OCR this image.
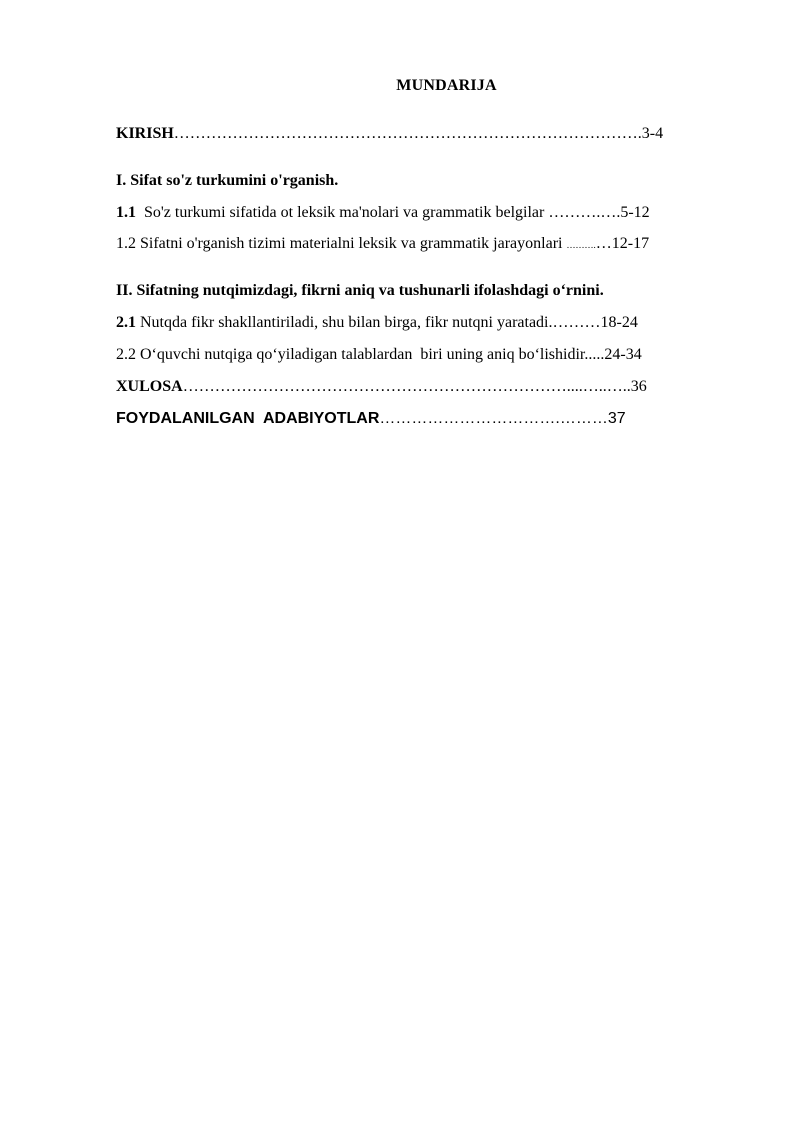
MUNDARIJA
KIRISH…………………………………………………………………………….3-4
I. Sifat so'z turkumini o'rganish.
1.1  So'z turkumi sifatida ot leksik ma'nolari va grammatik belgilar ……….….5-12
1.2 Sifatni o'rganish tizimi materialni leksik va grammatik jarayonlari ……….…12-17
II. Sifatning nutqimizdagi, fikrni aniq va tushunarli ifolashdagi o‘rnini.
2.1 Nutqda fikr shakllantiriladi, shu bilan birga, fikr nutqni yaratadi.………18-24
2.2 O‘quvchi nutqiga qo‘yiladigan talablardan  biri uning aniq bo‘lishidir.....24-34
XULOSA………………………………………………………………....…..…..36
FOYDALANILGAN  ADABIYOTLAR…………………………….………37
